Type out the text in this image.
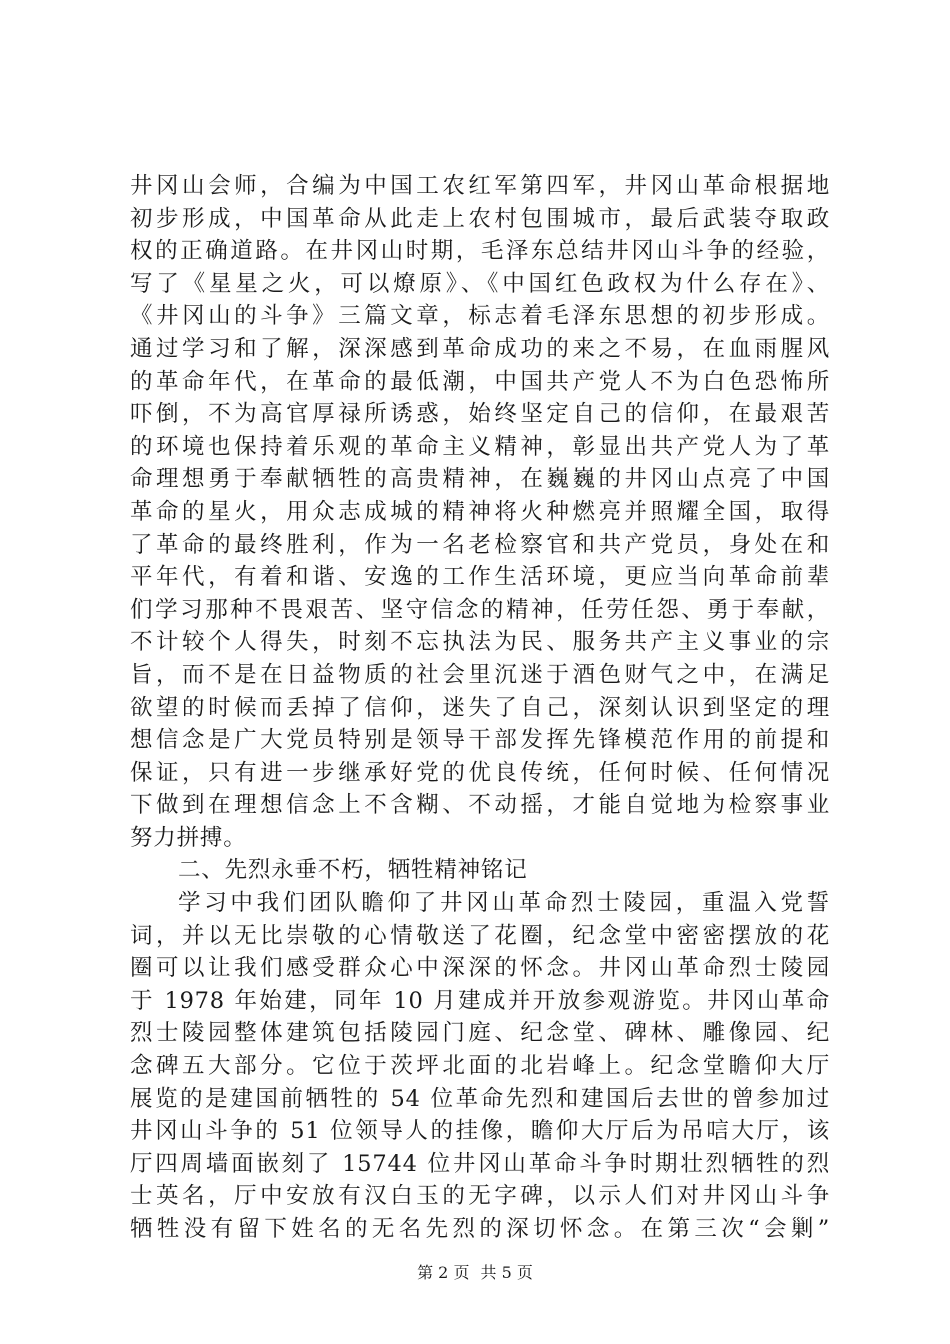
井冈山会师，合编为中国工农红军第四军，井冈山革命根据地
初步形成，中国革命从此走上农村包围城市，最后武装夺取政
权的正确道路。在井冈山时期，毛泽东总结井冈山斗争的经验，
写了《星星之火，可以燎原》、《中国红色政权为什么存在》、
《井冈山的斗争》三篇文章，标志着毛泽东思想的初步形成。
通过学习和了解，深深感到革命成功的来之不易，在血雨腥风
的革命年代，在革命的最低潮，中国共产党人不为白色恐怖所
吓倒，不为高官厚禄所诱惑，始终坚定自己的信仰，在最艰苦
的环境也保持着乐观的革命主义精神，彰显出共产党人为了革
命理想勇于奉献牺牲的高贵精神，在巍巍的井冈山点亮了中国
革命的星火，用众志成城的精神将火种燃亮并照耀全国，取得
了革命的最终胜利，作为一名老检察官和共产党员，身处在和
平年代，有着和谐、安逸的工作生活环境，更应当向革命前辈
们学习那种不畏艰苦、坚守信念的精神，任劳任怨、勇于奉献，
不计较个人得失，时刻不忘执法为民、服务共产主义事业的宗
旨，而不是在日益物质的社会里沉迷于酒色财气之中，在满足
欲望的时候而丢掉了信仰，迷失了自己，深刻认识到坚定的理
想信念是广大党员特别是领导干部发挥先锋模范作用的前提和
保证，只有进一步继承好党的优良传统，任何时候、任何情况
下做到在理想信念上不含糊、不动摇，才能自觉地为检察事业
努力拼搏。
二、先烈永垂不朽，牺牲精神铭记
学习中我们团队瞻仰了井冈山革命烈士陵园，重温入党誓
词，并以无比崇敬的心情敬送了花圈，纪念堂中密密摆放的花
圈可以让我们感受群众心中深深的怀念。井冈山革命烈士陵园
于 1978 年始建，同年 10 月建成并开放参观游览。井冈山革命
烈士陵园整体建筑包括陵园门庭、纪念堂、碑林、雕像园、纪
念碑五大部分。它位于茨坪北面的北岩峰上。纪念堂瞻仰大厅
展览的是建国前牺牲的 54 位革命先烈和建国后去世的曾参加过
井冈山斗争的 51 位领导人的挂像，瞻仰大厅后为吊唁大厅，该
厅四周墙面嵌刻了 15744 位井冈山革命斗争时期壮烈牺牲的烈
士英名，厅中安放有汉白玉的无字碑，以示人们对井冈山斗争
牺牲没有留下姓名的无名先烈的深切怀念。在第三次“会剿”
第 2 页 共 5 页
